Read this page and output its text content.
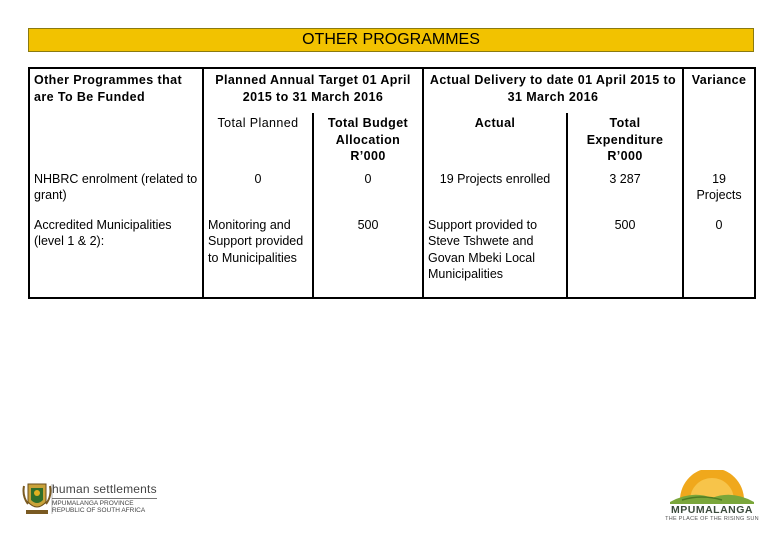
OTHER PROGRAMMES
Other Programmes that are To Be Funded	Planned Annual Target 01 April 2015 to 31 March 2016		Actual Delivery to date 01 April 2015 to 31 March 2016		Variance
	Total Planned	Total Budget Allocation R’000	Actual	Total Expenditure R’000	
NHBRC enrolment (related to grant)	0	0	19 Projects enrolled	3 287	19 Projects
Accredited Municipalities (level 1 & 2):	Monitoring and Support provided to Municipalities	500	Support provided to Steve Tshwete and Govan Mbeki Local Municipalities	500	0
human settlements
MPUMALANGA PROVINCE
REPUBLIC OF SOUTH AFRICA	MPUMALANGA
THE PLACE OF THE RISING SUN
